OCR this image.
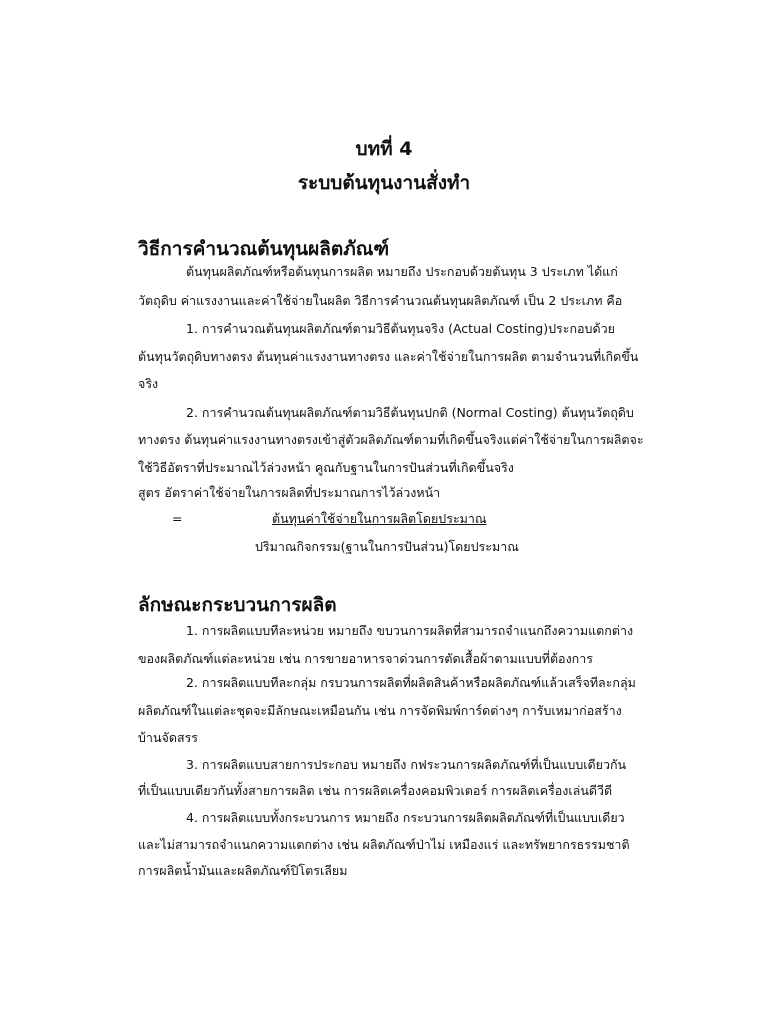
บทที่ 4
ระบบต้นทุนงานสั่งทำ
วิธีการคำนวณต้นทุนผลิตภัณฑ์
ต้นทุนผลิตภัณฑ์หรือต้นทุนการผลิต หมายถึง ประกอบด้วยต้นทุน 3 ประเภท ได้แก่
วัตถุดิบ ค่าแรงงานและค่าใช้จ่ายในผลิต วิธีการคำนวณต้นทุนผลิตภัณฑ์ เป็น 2 ประเภท คือ
1. การคำนวณต้นทุนผลิตภัณฑ์ตามวิธีต้นทุนจริง (Actual Costing)ประกอบด้วย
ต้นทุนวัตถุดิบทางตรง ต้นทุนค่าแรงงานทางตรง และค่าใช้จ่ายในการผลิต ตามจำนวนที่เกิดขึ้น
จริง
2. การคำนวณต้นทุนผลิตภัณฑ์ตามวิธีต้นทุนปกติ (Normal Costing) ต้นทุนวัตถุดิบ
ทางตรง ต้นทุนค่าแรงงานทางตรงเข้าสู่ตัวผลิตภัณฑ์ตามที่เกิดขึ้นจริงแต่ค่าใช้จ่ายในการผลิตจะ
ใช้วิธีอัตราที่ประมาณไว้ล่วงหน้า คูณกับฐานในการปันส่วนที่เกิดขึ้นจริง
สูตร อัตราค่าใช้จ่ายในการผลิตที่ประมาณการไว้ล่วงหน้า
=	ต้นทุนค่าใช้จ่ายในการผลิตโดยประมาณ
ปริมาณกิจกรรม(ฐานในการปันส่วน)โดยประมาณ
ลักษณะกระบวนการผลิต
1. การผลิตแบบทีละหน่วย หมายถึง ขบวนการผลิตที่สามารถจำแนกถึงความแตกต่าง
ของผลิตภัณฑ์แต่ละหน่วย เช่น การขายอาหารจาด่วนการตัดเสื้อผ้าตามแบบที่ต้องการ
2. การผลิตแบบทีละกลุ่ม กรบวนการผลิตที่ผลิตสินค้าหรือผลิตภัณฑ์แล้วเสร็จทีละกลุ่ม
ผลิตภัณฑ์ในแต่ละชุดจะมีลักษณะเหมือนกัน เช่น การจัดพิมพ์การ์ดต่างๆ การับเหมาก่อสร้าง
บ้านจัดสรร
3. การผลิตแบบสายการประกอบ หมายถึง กฟระวนการผลิตภัณฑ์ที่เป็นแบบเดียวกัน
ที่เป็นแบบเดียวกันทั้งสายการผลิต เช่น การผลิตเครื่องคอมพิวเตอร์ การผลิตเครื่องเล่นดีวีดี
4. การผลิตแบบทั้งกระบวนการ หมายถึง กระบวนการผลิตผลิตภัณฑ์ที่เป็นแบบเดียว
และไม่สามารถจำแนกความแตกต่าง เช่น ผลิตภัณฑ์ป่าไม่ เหมืองแร่ และทรัพยากรธรรมชาติ
การผลิตน้ำมันและผลิตภัณฑ์ปิโตรเลียม
